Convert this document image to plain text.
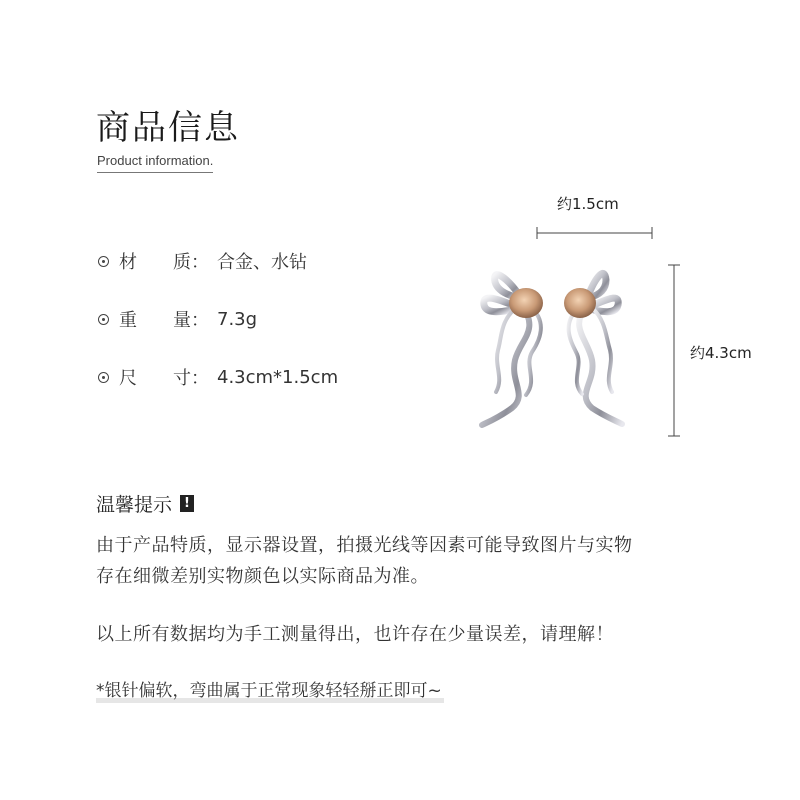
商品信息
Product information.
材	质 ： 合金、水钻
重	量 ： 7.3g
尺	寸 ： 4.3cm*1.5cm
约1.5cm
约4.3cm
温馨提示 !
由于产品特质，显示器设置，拍摄光线等因素可能导致图片与实物
存在细微差别实物颜色以实际商品为准。
以上所有数据均为手工测量得出，也许存在少量误差，请理解！
*银针偏软，弯曲属于正常现象轻轻掰正即可~
